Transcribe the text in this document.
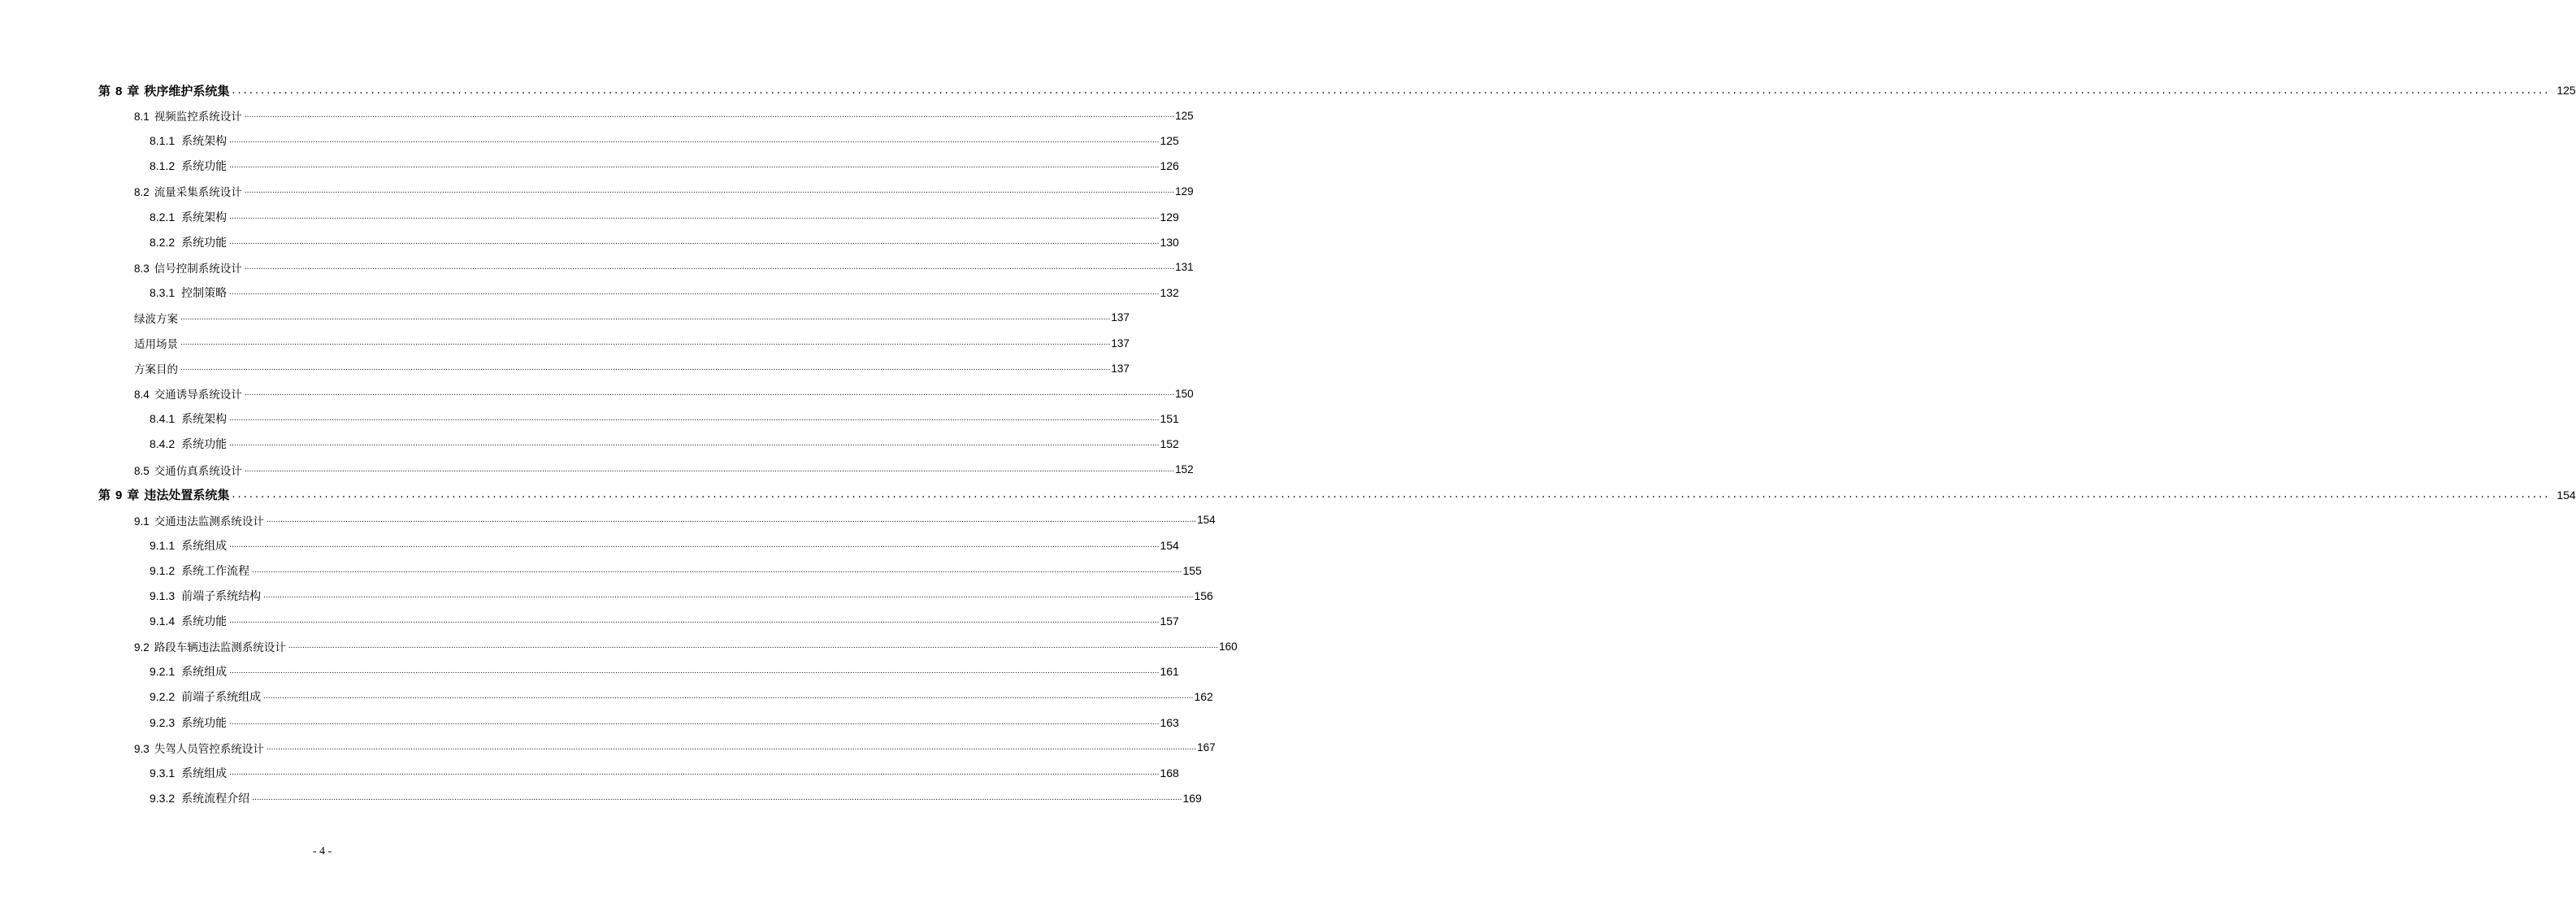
第 8 章 秩序维护系统集 ................................................................................................................................................................................................................................................................................................................................................................................................................ 125
8.1 视频监控系统设计 ................................................................................................................................................................................................................................................................................................................................................................................................................ 125
8.1.1 系统架构 ................................................................................................................................................................................................................................................................................................................................................................................................................ 125
8.1.2 系统功能 ................................................................................................................................................................................................................................................................................................................................................................................................................ 126
8.2 流量采集系统设计 ................................................................................................................................................................................................................................................................................................................................................................................................................ 129
8.2.1 系统架构 ................................................................................................................................................................................................................................................................................................................................................................................................................ 129
8.2.2 系统功能 ................................................................................................................................................................................................................................................................................................................................................................................................................ 130
8.3 信号控制系统设计 ................................................................................................................................................................................................................................................................................................................................................................................................................ 131
8.3.1 控制策略 ................................................................................................................................................................................................................................................................................................................................................................................................................ 132
绿波方案 ................................................................................................................................................................................................................................................................................................................................................................................................................ 137
适用场景 ................................................................................................................................................................................................................................................................................................................................................................................................................ 137
方案目的 ................................................................................................................................................................................................................................................................................................................................................................................................................ 137
8.4 交通诱导系统设计 ................................................................................................................................................................................................................................................................................................................................................................................................................ 150
8.4.1 系统架构 ................................................................................................................................................................................................................................................................................................................................................................................................................ 151
8.4.2 系统功能 ................................................................................................................................................................................................................................................................................................................................................................................................................ 152
8.5 交通仿真系统设计 ................................................................................................................................................................................................................................................................................................................................................................................................................ 152
第 9 章 违法处置系统集 ................................................................................................................................................................................................................................................................................................................................................................................................................ 154
9.1 交通违法监测系统设计 ................................................................................................................................................................................................................................................................................................................................................................................................................ 154
9.1.1 系统组成 ................................................................................................................................................................................................................................................................................................................................................................................................................ 154
9.1.2 系统工作流程 ................................................................................................................................................................................................................................................................................................................................................................................................................ 155
9.1.3 前端子系统结构 ................................................................................................................................................................................................................................................................................................................................................................................................................ 156
9.1.4 系统功能 ................................................................................................................................................................................................................................................................................................................................................................................................................ 157
9.2 路段车辆违法监测系统设计 ................................................................................................................................................................................................................................................................................................................................................................................................................ 160
9.2.1 系统组成 ................................................................................................................................................................................................................................................................................................................................................................................................................ 161
9.2.2 前端子系统组成 ................................................................................................................................................................................................................................................................................................................................................................................................................ 162
9.2.3 系统功能 ................................................................................................................................................................................................................................................................................................................................................................................................................ 163
9.3 失驾人员管控系统设计 ................................................................................................................................................................................................................................................................................................................................................................................................................ 167
9.3.1 系统组成 ................................................................................................................................................................................................................................................................................................................................................................................................................ 168
9.3.2 系统流程介绍 ................................................................................................................................................................................................................................................................................................................................................................................................................ 169
- 4 -
